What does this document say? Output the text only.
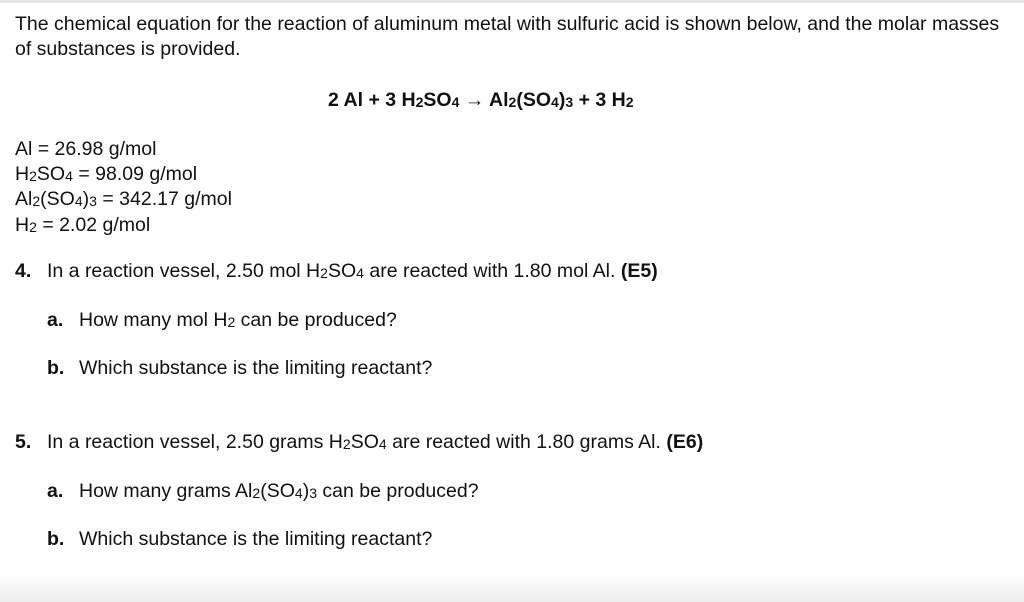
The chemical equation for the reaction of aluminum metal with sulfuric acid is shown below, and the molar masses of substances is provided.

2 Al + 3 H2SO4 → Al2(SO4)3 + 3 H2
Al = 26.98 g/mol
H2SO4 = 98.09 g/mol
Al2(SO4)3 = 342.17 g/mol
H2 = 2.02 g/mol
4. In a reaction vessel, 2.50 mol H2SO4 are reacted with 1.80 mol Al. (E5)
a. How many mol H2 can be produced?
b. Which substance is the limiting reactant?
5. In a reaction vessel, 2.50 grams H2SO4 are reacted with 1.80 grams Al. (E6)
a. How many grams Al2(SO4)3 can be produced?
b. Which substance is the limiting reactant?
